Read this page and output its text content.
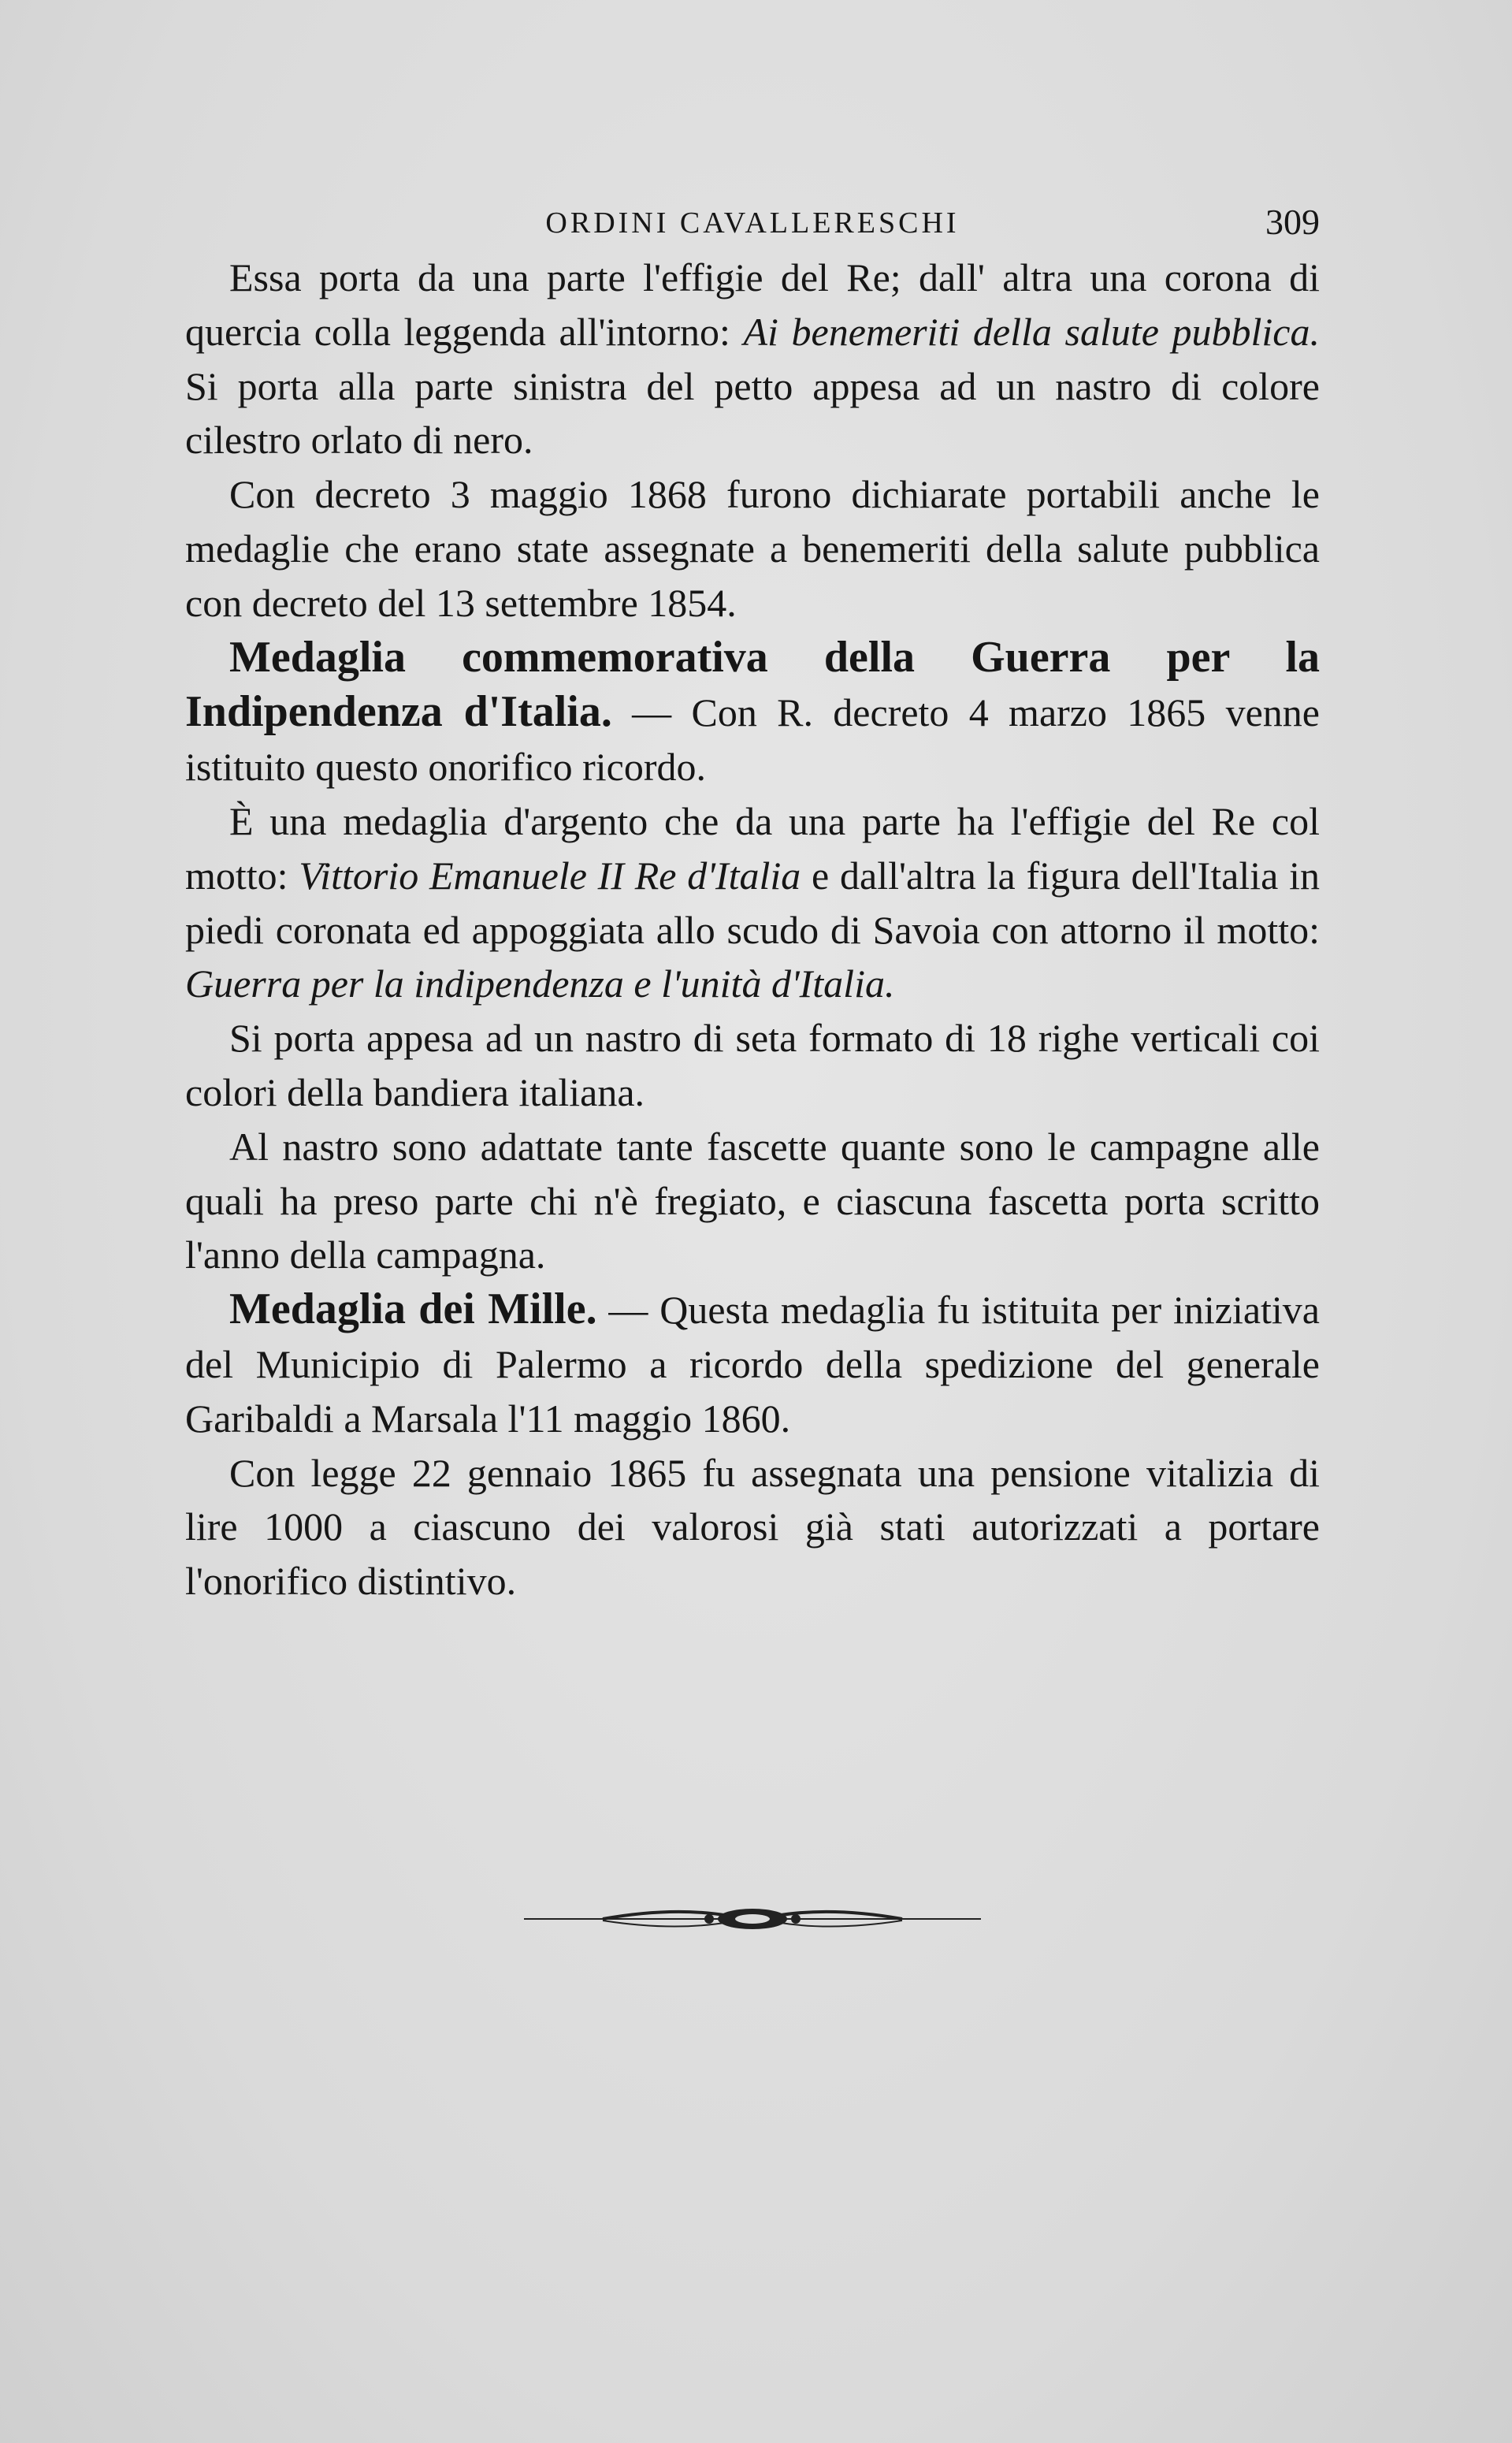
ORDINI CAVALLERESCHI	309

Essa porta da una parte l'effigie del Re; dall' altra una corona di quercia colla leggenda all'intorno: Ai benemeriti della salute pubblica. Si porta alla parte sinistra del petto appesa ad un nastro di colore cilestro orlato di nero.

Con decreto 3 maggio 1868 furono dichiarate portabili anche le medaglie che erano state assegnate a benemeriti della salute pubblica con decreto del 13 settembre 1854.

Medaglia commemorativa della Guerra per la Indipendenza d'Italia. — Con R. decreto 4 marzo 1865 venne istituito questo onorifico ricordo.

È una medaglia d'argento che da una parte ha l'effigie del Re col motto: Vittorio Emanuele II Re d'Italia e dall'altra la figura dell'Italia in piedi coronata ed appoggiata allo scudo di Savoia con attorno il motto: Guerra per la indipendenza e l'unità d'Italia.

Si porta appesa ad un nastro di seta formato di 18 righe verticali coi colori della bandiera italiana.

Al nastro sono adattate tante fascette quante sono le campagne alle quali ha preso parte chi n'è fregiato, e ciascuna fascetta porta scritto l'anno della campagna.

Medaglia dei Mille. — Questa medaglia fu istituita per iniziativa del Municipio di Palermo a ricordo della spedizione del generale Garibaldi a Marsala l'11 maggio 1860.

Con legge 22 gennaio 1865 fu assegnata una pensione vitalizia di lire 1000 a ciascuno dei valorosi già stati autorizzati a portare l'onorifico distintivo.
